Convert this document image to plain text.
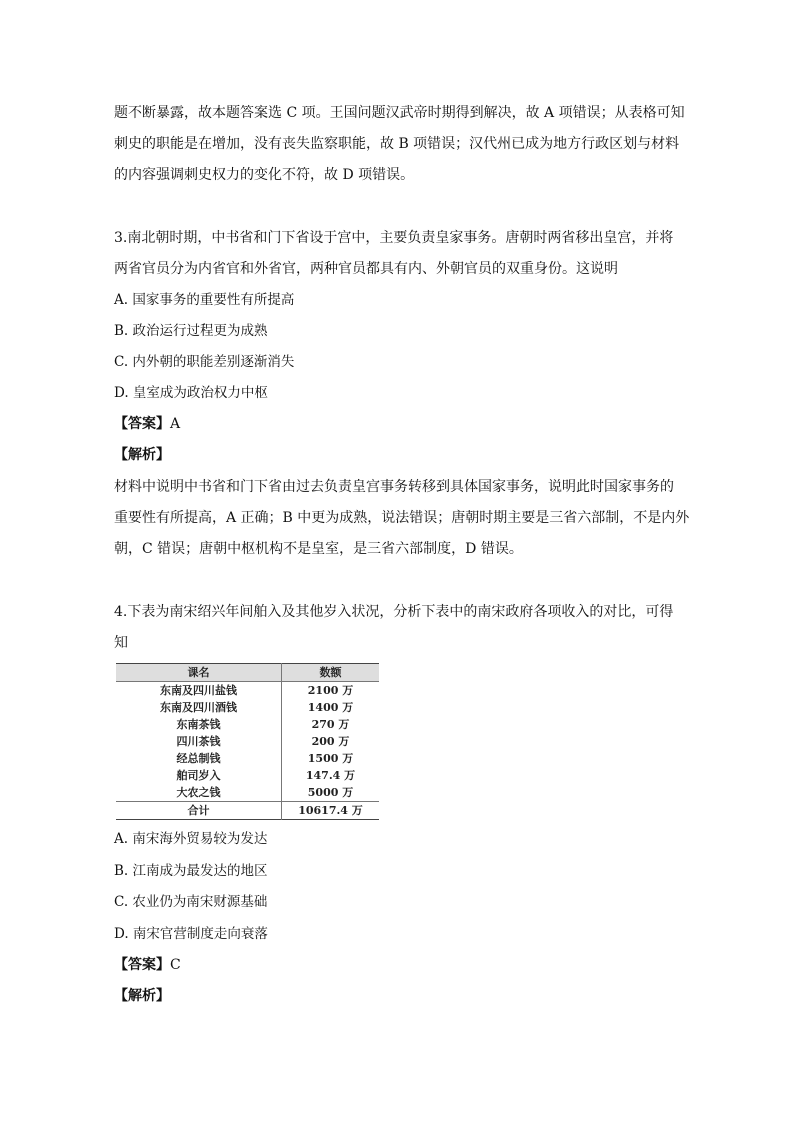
题不断暴露，故本题答案选 C 项。王国问题汉武帝时期得到解决，故 A 项错误；从表格可知
刺史的职能是在增加，没有丧失监察职能，故 B 项错误；汉代州已成为地方行政区划与材料
的内容强调刺史权力的变化不符，故 D 项错误。
3.南北朝时期，中书省和门下省设于宫中，主要负责皇家事务。唐朝时两省移出皇宫，并将
两省官员分为内省官和外省官，两种官员都具有内、外朝官员的双重身份。这说明
A. 国家事务的重要性有所提高
B. 政治运行过程更为成熟
C. 内外朝的职能差别逐渐消失
D. 皇室成为政治权力中枢
【答案】A
【解析】
材料中说明中书省和门下省由过去负责皇宫事务转移到具体国家事务，说明此时国家事务的
重要性有所提高，A 正确；B 中更为成熟，说法错误；唐朝时期主要是三省六部制，不是内外
朝，C 错误；唐朝中枢机构不是皇室，是三省六部制度，D 错误。
4.下表为南宋绍兴年间舶入及其他岁入状况，分析下表中的南宋政府各项收入的对比，可得
知
课名	数额
东南及四川盐钱	2100 万
东南及四川酒钱	1400 万
东南茶钱	270 万
四川茶钱	200 万
经总制钱	1500 万
舶司岁入	147.4 万
大农之钱	5000 万
合计	10617.4 万
A. 南宋海外贸易较为发达
B. 江南成为最发达的地区
C. 农业仍为南宋财源基础
D. 南宋官营制度走向衰落
【答案】C
【解析】
